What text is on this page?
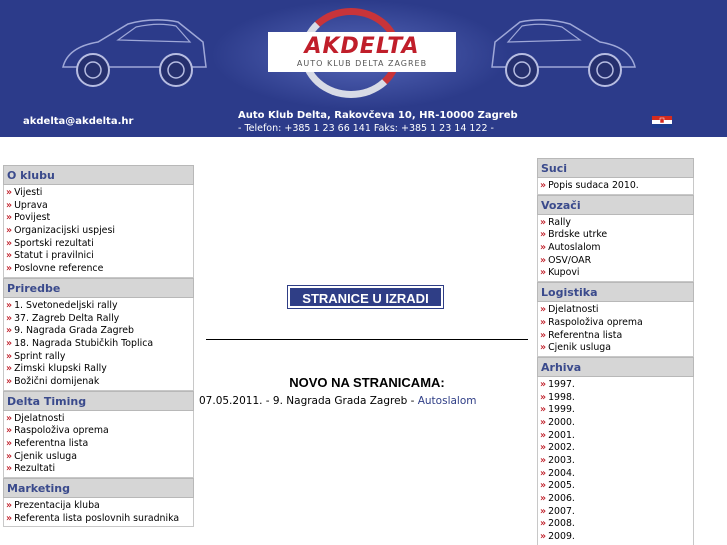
AKDELTA
AUTO KLUB DELTA ZAGREB
akdelta@akdelta.hr
Auto Klub Delta, Rakovčeva 10, HR-10000 Zagreb
- Telefon: +385 1 23 66 141 Faks: +385 1 23 14 122 -
O klubu
» Vijesti
» Uprava
» Povijest
» Organizacijski uspjesi
» Športski rezultati
» Statut i pravilnici
» Poslovne reference
Priredbe
» 1. Svetonedeljski rally
» 37. Zagreb Delta Rally
» 9. Nagrada Grada Zagreb
» 18. Nagrada Stubičkih Toplica
» Sprint rally
» Zimski klupski Rally
» Božični domijenak
Delta Timing
» Djelatnosti
» Raspoloživa oprema
» Referentna lista
» Cjenik usluga
» Rezultati
Marketing
» Prezentacija kluba
» Referenta lista poslovnih suradnika
Suci
» Popis sudaca 2010.
Vozači
» Rally
» Brdske utrke
» Autoslalom
» OSV/OAR
» Kupovi
Logistika
» Djelatnosti
» Raspoloživa oprema
» Referentna lista
» Cjenik usluga
Arhiva
» 1997.
» 1998.
» 1999.
» 2000.
» 2001.
» 2002.
» 2003.
» 2004.
» 2005.
» 2006.
» 2007.
» 2008.
» 2009.
STRANICE U IZRADI
NOVO NA STRANICAMA:
07.05.2011. - 9. Nagrada Grada Zagreb - Autoslalom
